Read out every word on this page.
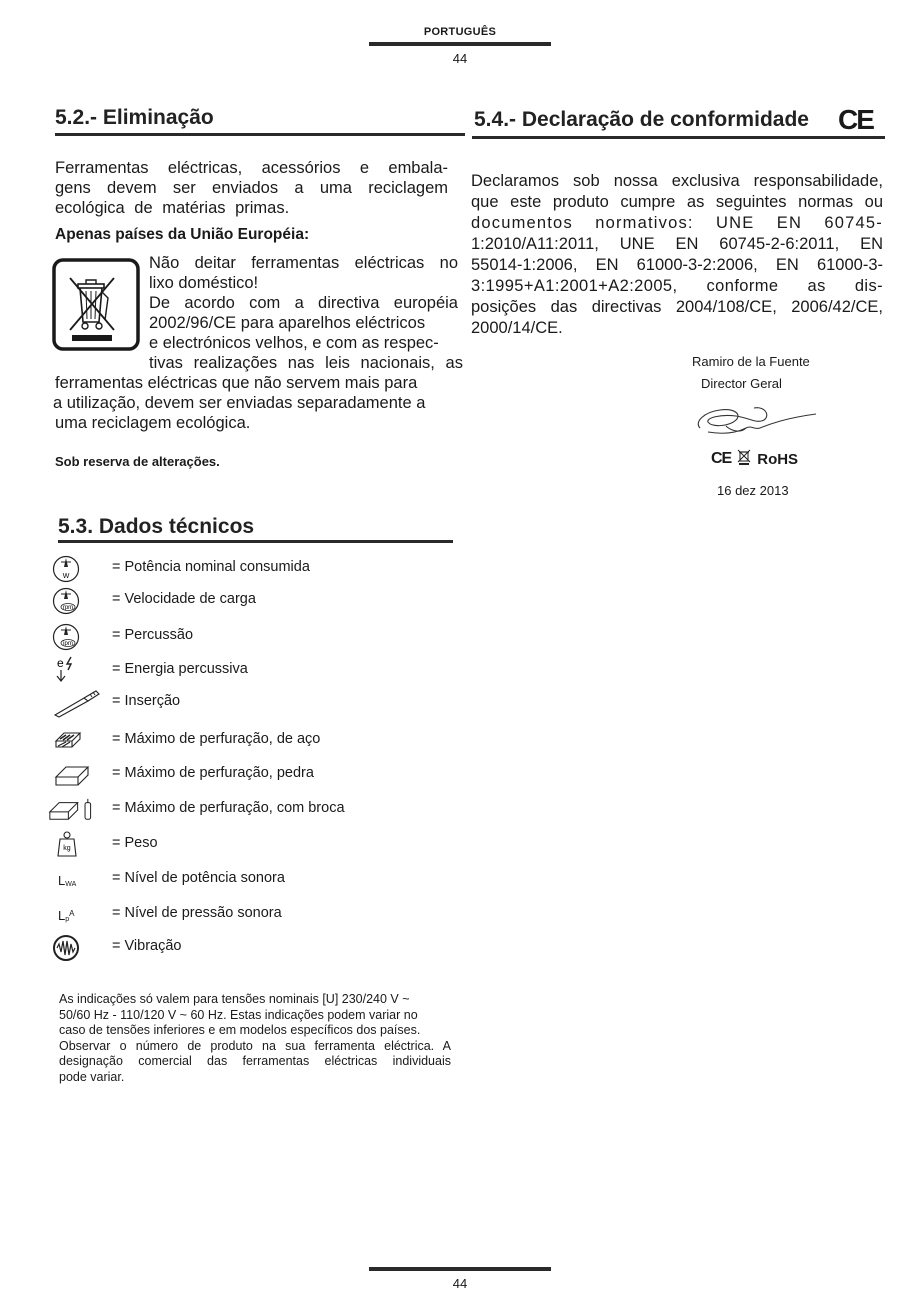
PORTUGUÊS
44
5.2.- Eliminação
Ferramentas eléctricas, acessórios e embala-
gens devem ser enviados a uma reciclagem
ecológica de matérias primas.
Apenas países da União Européia:
Não deitar ferramentas eléctricas no
lixo doméstico!
De acordo com a directiva européia
2002/96/CE para aparelhos eléctricos
e electrónicos velhos, e com as respec-
tivas realizações nas leis nacionais, as
ferramentas eléctricas que não servem mais para
a utilização, devem ser enviadas separadamente a
uma reciclagem ecológica.
Sob reserva de alterações.
5.4.- Declaração de conformidade CE
Declaramos sob nossa exclusiva responsabilidade,
que este produto cumpre as seguintes normas ou
documentos normativos: UNE EN 60745-
1:2010/A11:2011, UNE EN 60745-2-6:2011, EN
55014-1:2006, EN 61000-3-2:2006, EN 61000-3-
3:1995+A1:2001+A2:2005, conforme as dis-
posições das directivas 2004/108/CE, 2006/42/CE,
2000/14/CE.
Ramiro de la Fuente
Director Geral
CE RoHS
16 dez 2013
5.3. Dados técnicos
W
= Potência nominal consumida
rpm
= Velocidade de carga
ipm
= Percussão
e	= Energia percussiva
= Inserção
= Máximo de perfuração, de aço
= Máximo de perfuração, pedra
= Máximo de perfuração, com broca
kg	= Peso
L WA = Nível de potência sonora
L p
A	= Nível de pressão sonora
= Vibração
As indicações só valem para tensões nominais [U] 230/240 V ~
50/60 Hz - 110/120 V ~ 60 Hz. Estas indicações podem variar no
caso de tensões inferiores e em modelos específicos dos países.
Observar o número de produto na sua ferramenta eléctrica. A
designação comercial das ferramentas eléctricas individuais
pode variar.
44
